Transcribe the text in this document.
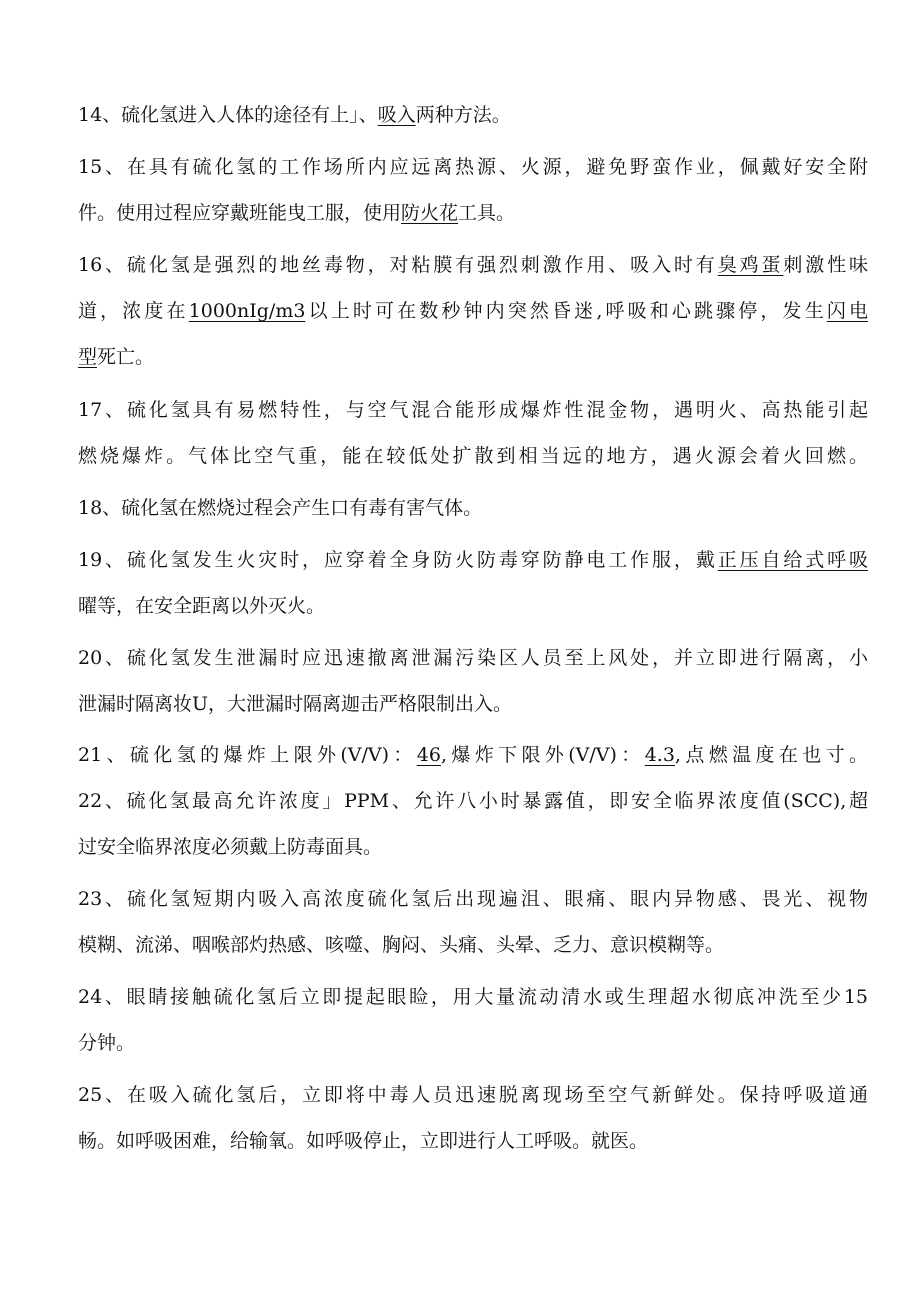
14、硫化氢进入人体的途径有上」、吸入两种方法。
15、在具有硫化氢的工作场所内应远离热源、火源，避免野蛮作业，佩戴好安全附
件。使用过程应穿戴班能曳工服，使用防火花工具。
16、硫化氢是强烈的地丝毒物，对粘膜有强烈刺激作用、吸入时有臭鸡蛋刺激性味
道，浓度在1000nIg/m3以上时可在数秒钟内突然昏迷,呼吸和心跳骤停，发生闪电
型死亡。
17、硫化氢具有易燃特性，与空气混合能形成爆炸性混金物，遇明火、高热能引起
燃烧爆炸。气体比空气重，能在较低处扩散到相当远的地方，遇火源会着火回燃。
18、硫化氢在燃烧过程会产生口有毒有害气体。
19、硫化氢发生火灾时，应穿着全身防火防毒穿防静电工作服，戴正压自给式呼吸
曜等，在安全距离以外灭火。
20、硫化氢发生泄漏时应迅速撤离泄漏污染区人员至上风处，并立即进行隔离，小
泄漏时隔离妆U，大泄漏时隔离迦击严格限制出入。
21、硫化氢的爆炸上限外(V/V)：46,爆炸下限外(V/V)：4.3,点燃温度在也寸。
22、硫化氢最高允许浓度」PPM、允许八小时暴露值，即安全临界浓度值(SCC),超
过安全临界浓度必须戴上防毒面具。
23、硫化氢短期内吸入高浓度硫化氢后出现遍沮、眼痛、眼内异物感、畏光、视物
模糊、流涕、咽喉部灼热感、咳噬、胸闷、头痛、头晕、乏力、意识模糊等。
24、眼睛接触硫化氢后立即提起眼睑，用大量流动清水或生理超水彻底冲洗至少15
分钟。
25、在吸入硫化氢后，立即将中毒人员迅速脱离现场至空气新鲜处。保持呼吸道通
畅。如呼吸困难，给输氧。如呼吸停止，立即进行人工呼吸。就医。
